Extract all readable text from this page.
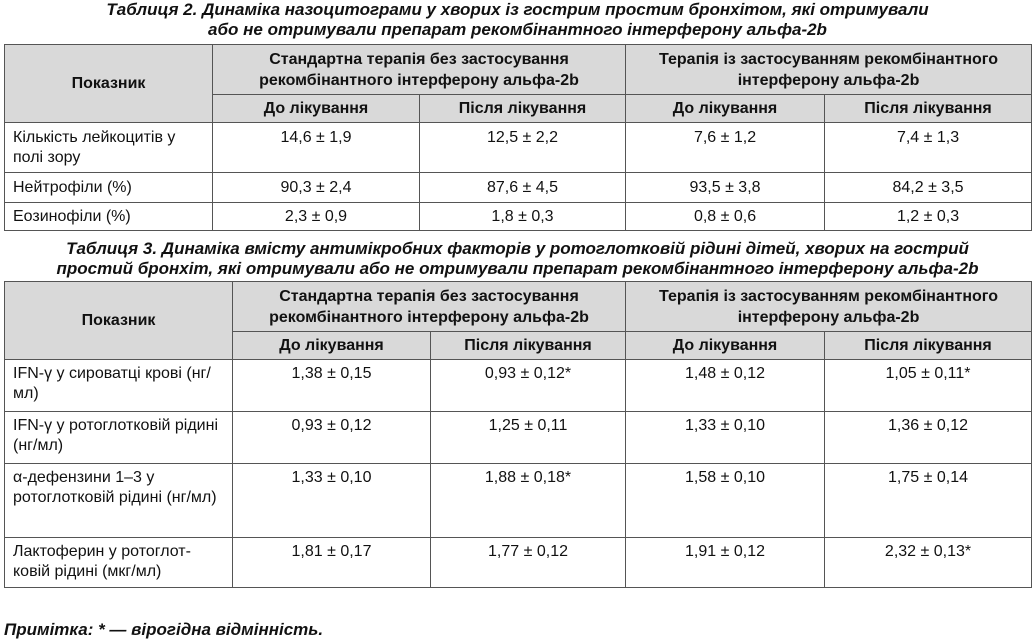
Таблиця 2. Динаміка назоцитограми у хворих із гострим простим бронхітом, які отримували
або не отримували препарат рекомбінантного інтерферону альфа-2b
Показник	Стандартна терапія без застосування рекомбінантного інтерферону альфа-2b		Терапія із застосуванням рекомбінантного інтерферону альфа-2b	
	До лікування	Після лікування	До лікування	Після лікування
Кількість лейкоцитів у полі зору	14,6 ± 1,9	12,5 ± 2,2	7,6 ± 1,2	7,4 ± 1,3
Нейтрофіли (%)	90,3 ± 2,4	87,6 ± 4,5	93,5 ± 3,8	84,2 ± 3,5
Еозинофіли (%)	2,3 ± 0,9	1,8 ± 0,3	0,8 ± 0,6	1,2 ± 0,3
Таблиця 3. Динаміка вмісту антимікробних факторів у ротоглотковій рідині дітей, хворих на гострий
простий бронхіт, які отримували або не отримували препарат рекомбінантного інтерферону альфа-2b
Показник	Стандартна терапія без застосування рекомбінантного інтерферону альфа-2b		Терапія із застосуванням рекомбінантного інтерферону альфа-2b	
	До лікування	Після лікування	До лікування	Після лікування
IFN-γ у сироватці крові (нг/мл)	1,38 ± 0,15	0,93 ± 0,12*	1,48 ± 0,12	1,05 ± 0,11*
IFN-γ у ротоглотковій рідині (нг/мл)	0,93 ± 0,12	1,25 ± 0,11	1,33 ± 0,10	1,36 ± 0,12
α-дефензини 1–3 у ротоглотковій рідині (нг/мл)	1,33 ± 0,10	1,88 ± 0,18*	1,58 ± 0,10	1,75 ± 0,14
Лактоферин у ротоглот-ковій рідині (мкг/мл)	1,81 ± 0,17	1,77 ± 0,12	1,91 ± 0,12	2,32 ± 0,13*
Примітка: * — вірогідна відмінність.
